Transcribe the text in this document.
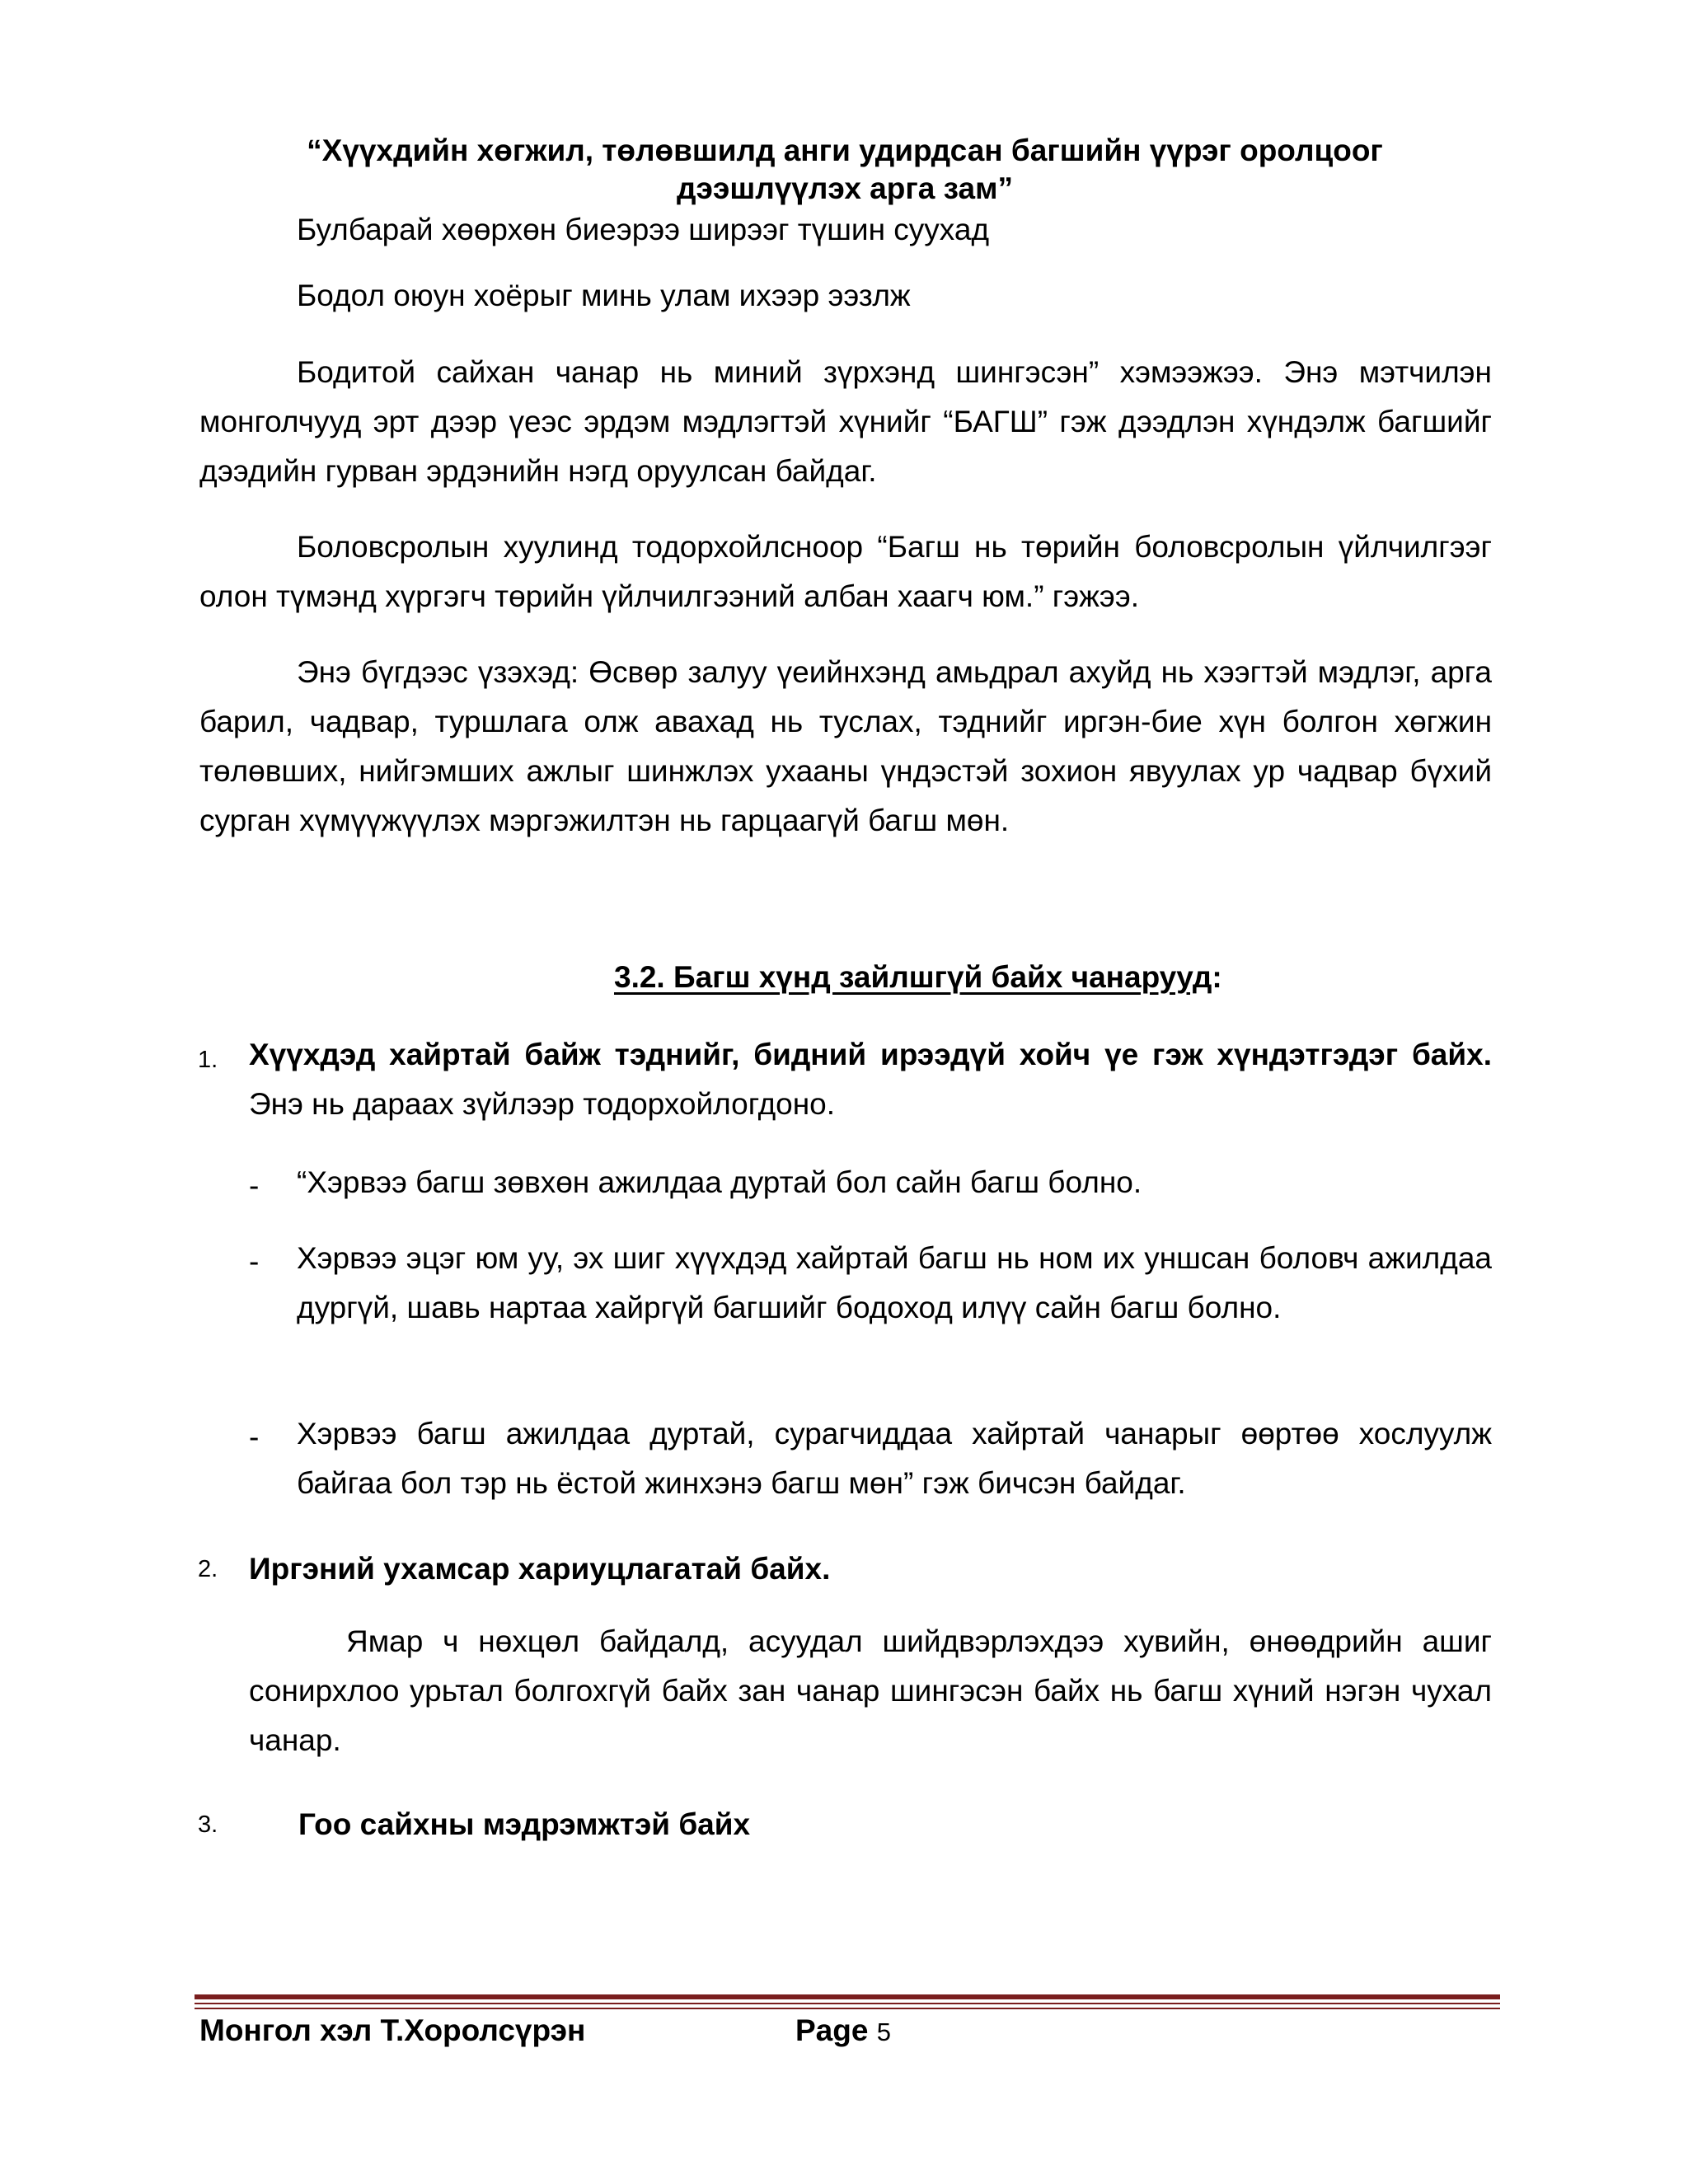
“Хүүхдийн хөгжил, төлөвшилд анги удирдсан багшийн үүрэг оролцоог
дээшлүүлэх арга зам”
Булбарай хөөрхөн биеэрээ ширээг түшин суухад
Бодол оюун хоёрыг минь улам ихээр ээзлж
Бодитой сайхан чанар нь миний зүрхэнд шингэсэн” хэмээжээ. Энэ мэтчилэн монголчууд эрт дээр үеэс эрдэм мэдлэгтэй хүнийг “БАГШ” гэж дээдлэн хүндэлж багшийг дээдийн гурван эрдэнийн нэгд оруулсан байдаг.
Боловсролын хуулинд тодорхойлсноор “Багш нь төрийн боловсролын үйлчилгээг олон түмэнд хүргэгч төрийн үйлчилгээний албан хаагч юм.” гэжээ.
Энэ бүгдээс үзэхэд: Өсвөр залуу үеийнхэнд амьдрал ахуйд нь хээгтэй мэдлэг, арга барил, чадвар, туршлага олж авахад нь туслах, тэднийг иргэн-бие хүн болгон хөгжин төлөвших, нийгэмших ажлыг шинжлэх ухааны үндэстэй зохион явуулах ур чадвар бүхий сурган хүмүүжүүлэх мэргэжилтэн нь гарцаагүй багш мөн.
3.2. Багш хүнд зайлшгүй байх чанарууд:
1. Хүүхдэд хайртай байж тэднийг, бидний ирээдүй хойч үе гэж хүндэтгэдэг байх. Энэ нь дараах зүйлээр тодорхойлогдоно.
- “Хэрвээ багш зөвхөн ажилдаа дуртай бол сайн багш болно.
- Хэрвээ эцэг юм уу, эх шиг хүүхдэд хайртай багш нь ном их уншсан боловч ажилдаа дургүй, шавь нартаа хайргүй багшийг бодоход илүү сайн багш болно.
- Хэрвээ багш ажилдаа дуртай, сурагчиддаа хайртай чанарыг өөртөө хослуулж байгаа бол тэр нь ёстой жинхэнэ багш мөн” гэж бичсэн байдаг.
2. Иргэний ухамсар хариуцлагатай байх.
Ямар ч нөхцөл байдалд, асуудал шийдвэрлэхдээ хувийн, өнөөдрийн ашиг сонирхлоо урьтал болгохгүй байх зан чанар шингэсэн байх нь багш хүний нэгэн чухал чанар.
3.	Гоо сайхны мэдрэмжтэй байх
Монгол хэл Т.Хоролсүрэн	Page 5
